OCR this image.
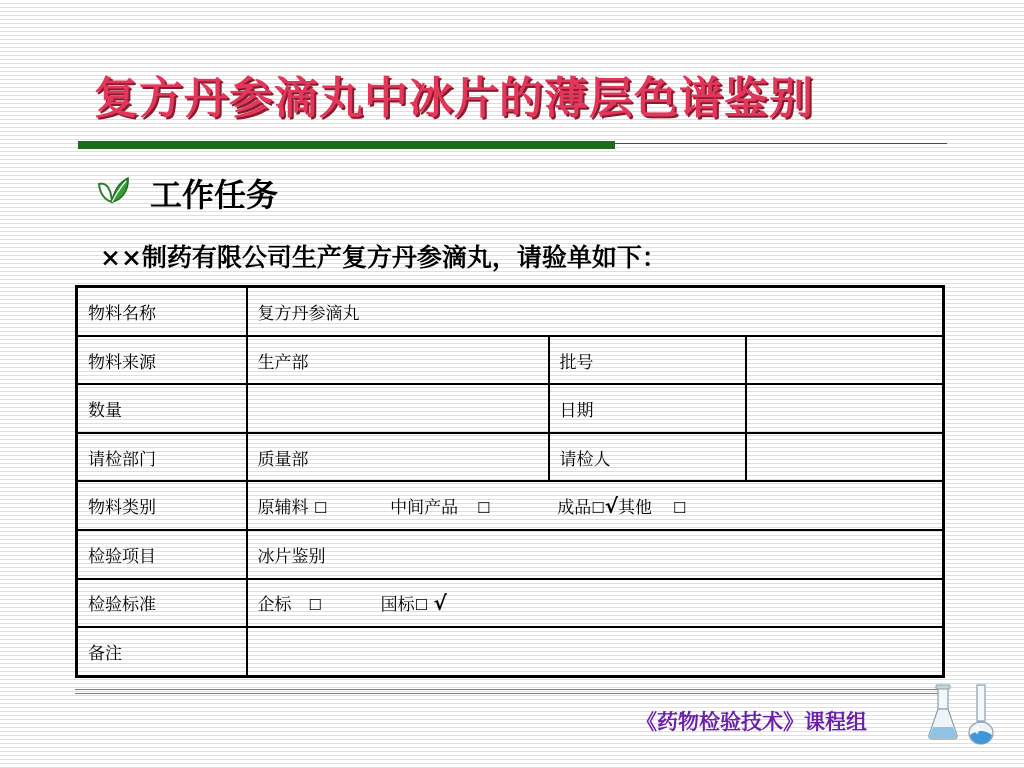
复方丹参滴丸中冰片的薄层色谱鉴别
工作任务
××制药有限公司生产复方丹参滴丸，请验单如下：
物料名称	复方丹参滴丸		
物料来源	生产部	批号	
数量		日期	
请检部门	质量部	请检人	
物料类别	原辅料 ☐ 中间产品 ☐ 成品☐√其他 ☐		
检验项目	冰片鉴别		
检验标准	企标 ☐ 国标☐ √		
备注			
《药物检验技术》课程组
